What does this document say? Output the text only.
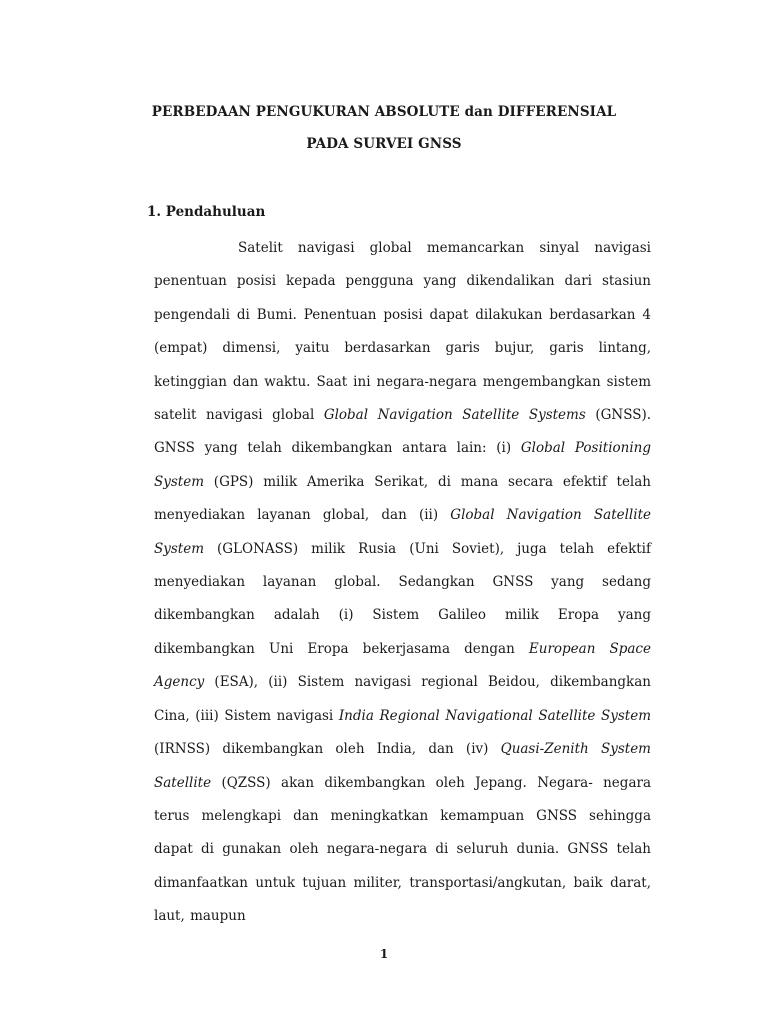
PERBEDAAN PENGUKURAN ABSOLUTE dan DIFFERENSIAL
PADA SURVEI GNSS
1. Pendahuluan

Satelit navigasi global memancarkan sinyal navigasi penentuan posisi kepada pengguna yang dikendalikan dari stasiun pengendali di Bumi. Penentuan posisi dapat dilakukan berdasarkan 4 (empat) dimensi, yaitu berdasarkan garis bujur, garis lintang, ketinggian dan waktu. Saat ini negara-negara mengembangkan sistem satelit navigasi global Global Navigation Satellite Systems (GNSS). GNSS yang telah dikembangkan antara lain: (i) Global Positioning System (GPS) milik Amerika Serikat, di mana secara efektif telah menyediakan layanan global, dan (ii) Global Navigation Satellite System (GLONASS) milik Rusia (Uni Soviet), juga telah efektif menyediakan layanan global. Sedangkan GNSS yang sedang dikembangkan adalah (i) Sistem Galileo milik Eropa yang dikembangkan Uni Eropa bekerjasama dengan European Space Agency (ESA), (ii) Sistem navigasi regional Beidou, dikembangkan Cina, (iii) Sistem navigasi India Regional Navigational Satellite System (IRNSS) dikembangkan oleh India, dan (iv) Quasi-Zenith System Satellite (QZSS) akan dikembangkan oleh Jepang. Negara- negara terus melengkapi dan meningkatkan kemampuan GNSS sehingga dapat di gunakan oleh negara-negara di seluruh dunia. GNSS telah dimanfaatkan untuk tujuan militer, transportasi/angkutan, baik darat, laut, maupun

1
